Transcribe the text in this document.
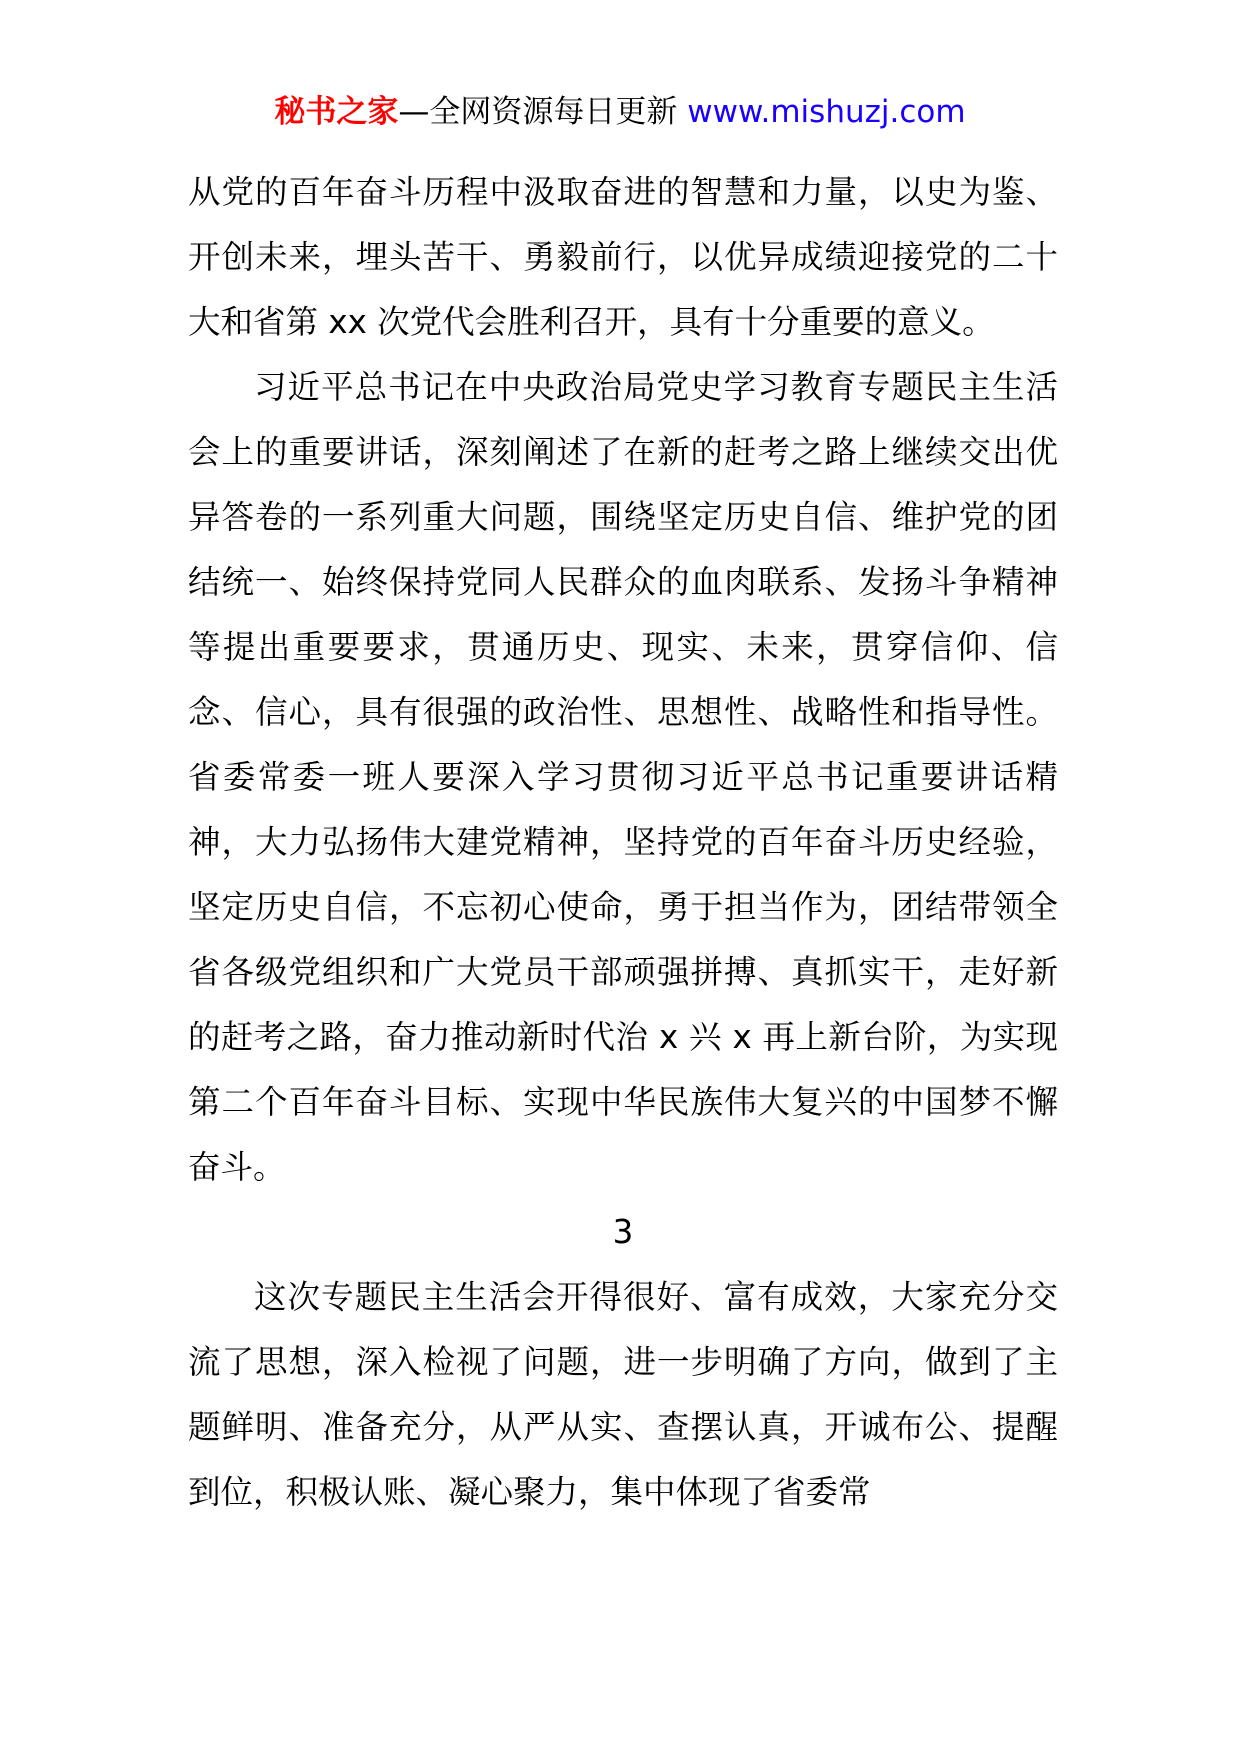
秘书之家—全网资源每日更新 www.mishuzj.com

从党的百年奋斗历程中汲取奋进的智慧和力量，以史为鉴、开创未来，埋头苦干、勇毅前行，以优异成绩迎接党的二十大和省第 xx 次党代会胜利召开，具有十分重要的意义。

习近平总书记在中央政治局党史学习教育专题民主生活会上的重要讲话，深刻阐述了在新的赶考之路上继续交出优异答卷的一系列重大问题，围绕坚定历史自信、维护党的团结统一、始终保持党同人民群众的血肉联系、发扬斗争精神等提出重要要求，贯通历史、现实、未来，贯穿信仰、信念、信心，具有很强的政治性、思想性、战略性和指导性。省委常委一班人要深入学习贯彻习近平总书记重要讲话精神，大力弘扬伟大建党精神，坚持党的百年奋斗历史经验，坚定历史自信，不忘初心使命，勇于担当作为，团结带领全省各级党组织和广大党员干部顽强拼搏、真抓实干，走好新的赶考之路，奋力推动新时代治 x 兴 x 再上新台阶，为实现第二个百年奋斗目标、实现中华民族伟大复兴的中国梦不懈奋斗。

3

这次专题民主生活会开得很好、富有成效，大家充分交流了思想，深入检视了问题，进一步明确了方向，做到了主题鲜明、准备充分，从严从实、查摆认真，开诚布公、提醒到位，积极认账、凝心聚力，集中体现了省委常
